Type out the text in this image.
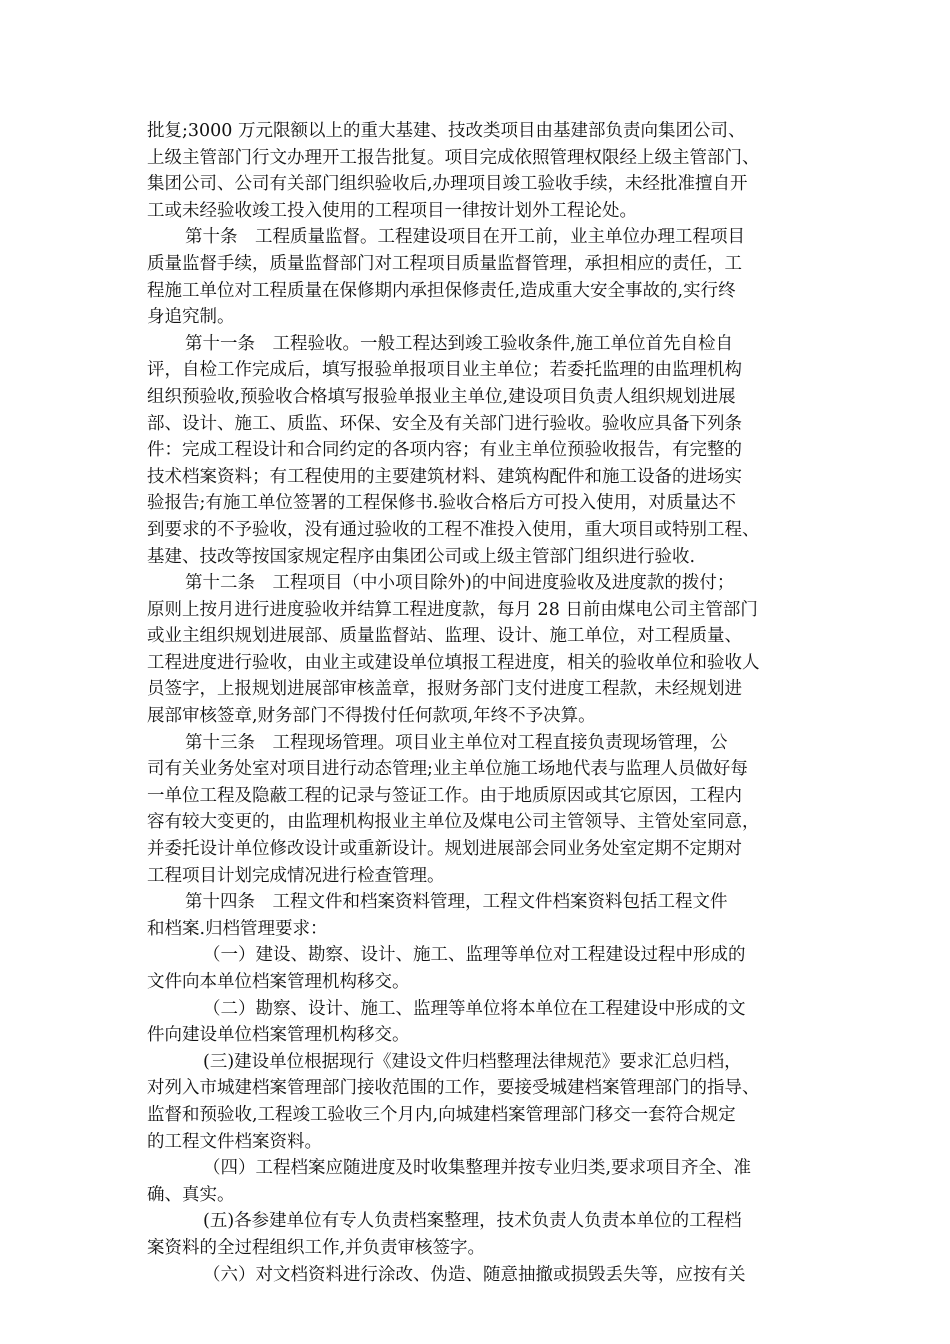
批复;3000 万元限额以上的重大基建、技改类项目由基建部负责向集团公司、
上级主管部门行文办理开工报告批复。项目完成依照管理权限经上级主管部门、
集团公司、公司有关部门组织验收后,办理项目竣工验收手续，未经批准擅自开
工或未经验收竣工投入使用的工程项目一律按计划外工程论处。
第十条　工程质量监督。工程建设项目在开工前，业主单位办理工程项目
质量监督手续，质量监督部门对工程项目质量监督管理，承担相应的责任，工
程施工单位对工程质量在保修期内承担保修责任,造成重大安全事故的,实行终
身追究制。
第十一条　工程验收。一般工程达到竣工验收条件,施工单位首先自检自
评，自检工作完成后，填写报验单报项目业主单位；若委托监理的由监理机构
组织预验收,预验收合格填写报验单报业主单位,建设项目负责人组织规划进展
部、设计、施工、质监、环保、安全及有关部门进行验收。验收应具备下列条
件：完成工程设计和合同约定的各项内容；有业主单位预验收报告，有完整的
技术档案资料；有工程使用的主要建筑材料、建筑构配件和施工设备的进场实
验报告;有施工单位签署的工程保修书.验收合格后方可投入使用，对质量达不
到要求的不予验收，没有通过验收的工程不准投入使用，重大项目或特别工程、
基建、技改等按国家规定程序由集团公司或上级主管部门组织进行验收.
第十二条　工程项目（中小项目除外)的中间进度验收及进度款的拨付；
原则上按月进行进度验收并结算工程进度款，每月 28 日前由煤电公司主管部门
或业主组织规划进展部、质量监督站、监理、设计、施工单位，对工程质量、
工程进度进行验收，由业主或建设单位填报工程进度，相关的验收单位和验收人
员签字，上报规划进展部审核盖章，报财务部门支付进度工程款，未经规划进
展部审核签章,财务部门不得拨付任何款项,年终不予决算。
第十三条　工程现场管理。项目业主单位对工程直接负责现场管理，公
司有关业务处室对项目进行动态管理;业主单位施工场地代表与监理人员做好每
一单位工程及隐蔽工程的记录与签证工作。由于地质原因或其它原因，工程内
容有较大变更的，由监理机构报业主单位及煤电公司主管领导、主管处室同意，
并委托设计单位修改设计或重新设计。规划进展部会同业务处室定期不定期对
工程项目计划完成情况进行检查管理。
第十四条　工程文件和档案资料管理，工程文件档案资料包括工程文件
和档案.归档管理要求：
（一）建设、勘察、设计、施工、监理等单位对工程建设过程中形成的
文件向本单位档案管理机构移交。
（二）勘察、设计、施工、监理等单位将本单位在工程建设中形成的文
件向建设单位档案管理机构移交。
(三)建设单位根据现行《建设文件归档整理法律规范》要求汇总归档，
对列入市城建档案管理部门接收范围的工作，要接受城建档案管理部门的指导、
监督和预验收,工程竣工验收三个月内,向城建档案管理部门移交一套符合规定
的工程文件档案资料。
（四）工程档案应随进度及时收集整理并按专业归类,要求项目齐全、准
确、真实。
(五)各参建单位有专人负责档案整理，技术负责人负责本单位的工程档
案资料的全过程组织工作,并负责审核签字。
（六）对文档资料进行涂改、伪造、随意抽撤或损毁丢失等，应按有关
